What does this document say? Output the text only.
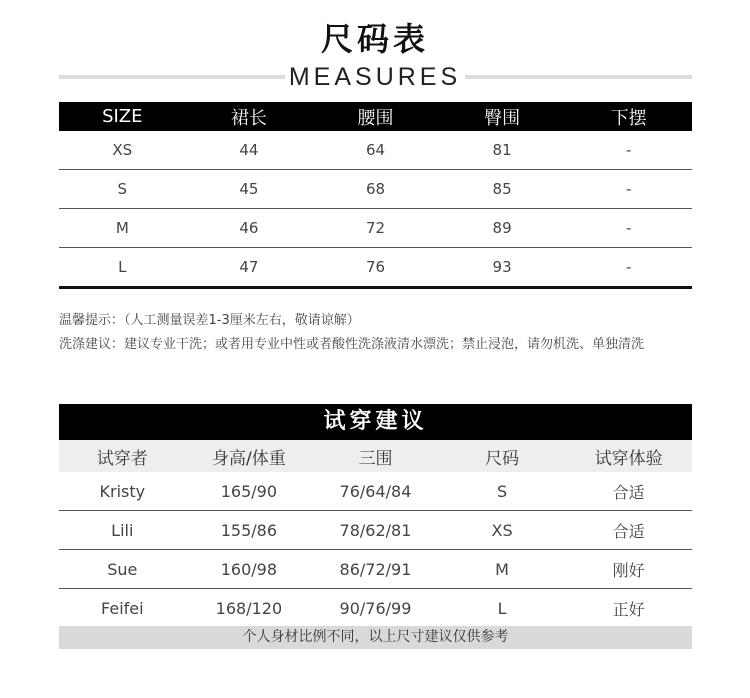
尺码表
MEASURES
SIZE	裙长	腰围	臀围	下摆
XS	44	64	81	-
S	45	68	85	-
M	46	72	89	-
L	47	76	93	-
温馨提示：（人工测量误差1-3厘米左右，敬请谅解）
洗涤建议：建议专业干洗；或者用专业中性或者酸性洗涤液清水漂洗；禁止浸泡，请勿机洗、单独清洗
试穿建议
试穿者	身高/体重	三围	尺码	试穿体验
Kristy	165/90	76/64/84	S	合适
Lili	155/86	78/62/81	XS	合适
Sue	160/98	86/72/91	M	刚好
Feifei	168/120	90/76/99	L	正好
个人身材比例不同，以上尺寸建议仅供参考
